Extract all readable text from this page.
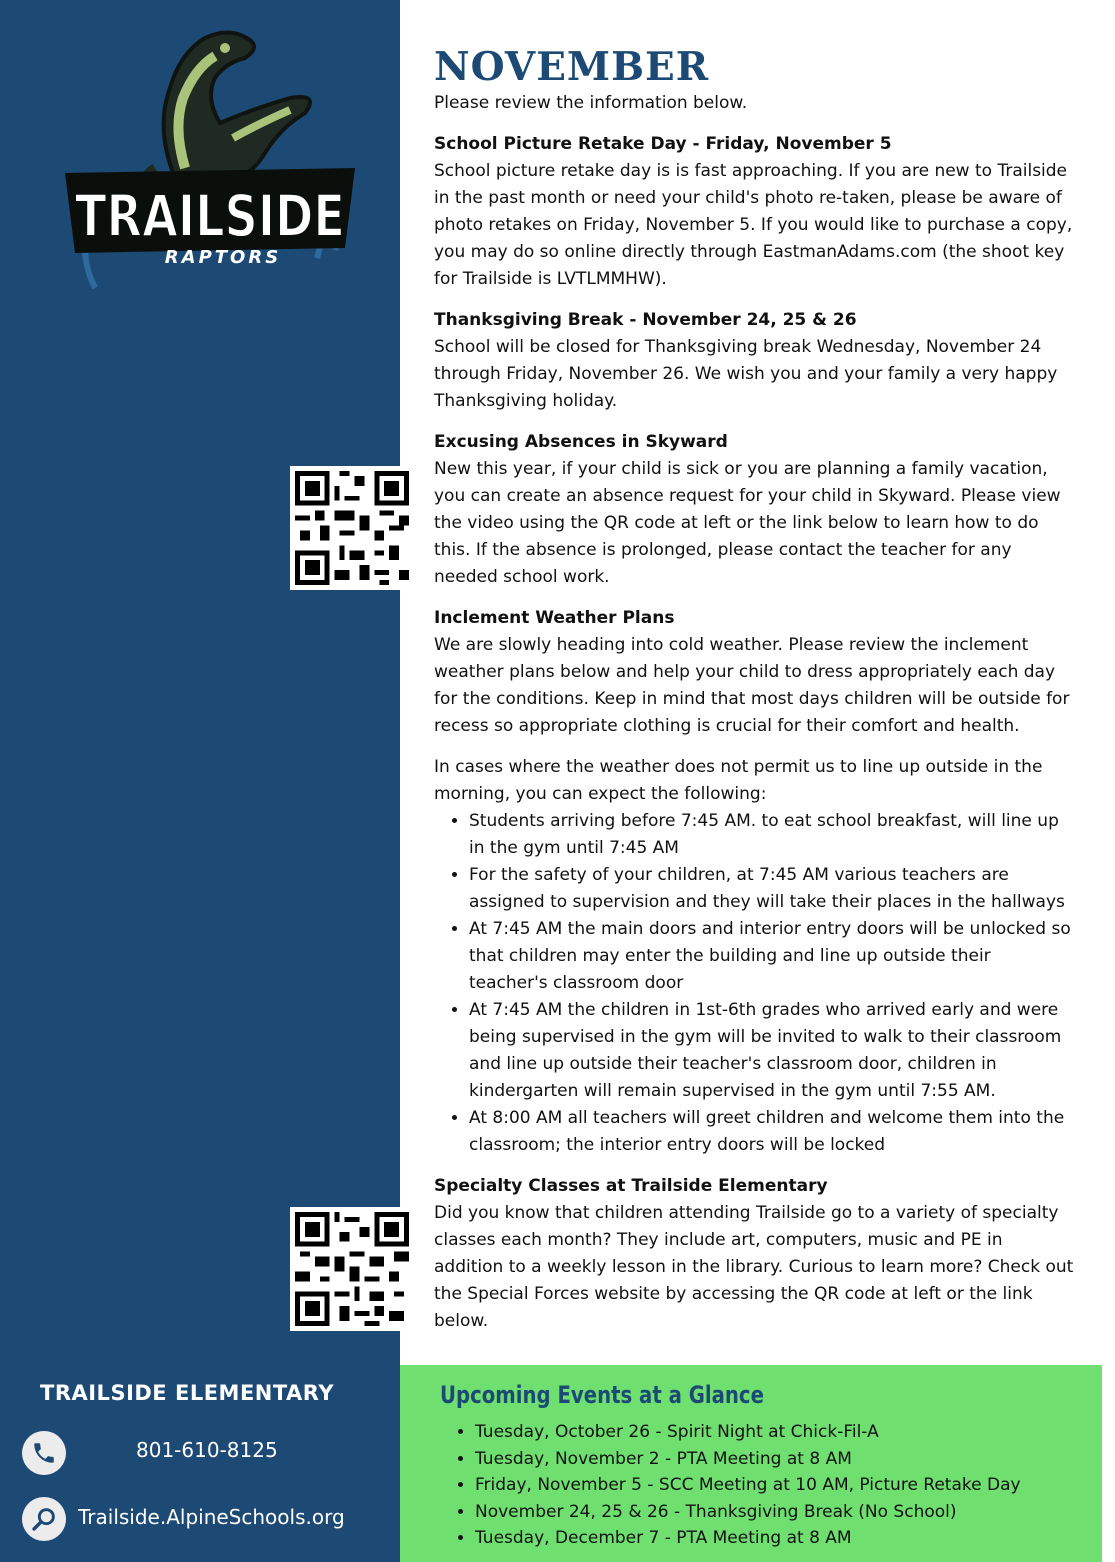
TRAILSIDE
RAPTORS
NOVEMBER

Please review the information below.

School Picture Retake Day - Friday, November 5

School picture retake day is is fast approaching. If you are new to Trailside in the past month or need your child's photo re-taken, please be aware of photo retakes on Friday, November 5. If you would like to purchase a copy, you may do so online directly through EastmanAdams.com (the shoot key for Trailside is LVTLMMHW).

Thanksgiving Break - November 24, 25 & 26

School will be closed for Thanksgiving break Wednesday, November 24 through Friday, November 26. We wish you and your family a very happy Thanksgiving holiday.

Excusing Absences in Skyward

New this year, if your child is sick or you are planning a family vacation, you can create an absence request for your child in Skyward. Please view the video using the QR code at left or the link below to learn how to do this. If the absence is prolonged, please contact the teacher for any needed school work.

Inclement Weather Plans

We are slowly heading into cold weather. Please review the inclement weather plans below and help your child to dress appropriately each day for the conditions. Keep in mind that most days children will be outside for recess so appropriate clothing is crucial for their comfort and health.

In cases where the weather does not permit us to line up outside in the morning, you can expect the following:

• Students arriving before 7:45 AM. to eat school breakfast, will line up in the gym until 7:45 AM
• For the safety of your children, at 7:45 AM various teachers are assigned to supervision and they will take their places in the hallways
• At 7:45 AM the main doors and interior entry doors will be unlocked so that children may enter the building and line up outside their teacher's classroom door
• At 7:45 AM the children in 1st-6th grades who arrived early and were being supervised in the gym will be invited to walk to their classroom and line up outside their teacher's classroom door, children in kindergarten will remain supervised in the gym until 7:55 AM.
• At 8:00 AM all teachers will greet children and welcome them into the classroom; the interior entry doors will be locked
Specialty Classes at Trailside Elementary

Did you know that children attending Trailside go to a variety of specialty classes each month? They include art, computers, music and PE in addition to a weekly lesson in the library. Curious to learn more? Check out the Special Forces website by accessing the QR code at left or the link below.

TRAILSIDE ELEMENTARY
801-610-8125
Trailside.AlpineSchools.org
Upcoming Events at a Glance
• Tuesday, October 26 - Spirit Night at Chick-Fil-A
• Tuesday, November 2 - PTA Meeting at 8 AM
• Friday, November 5 - SCC Meeting at 10 AM, Picture Retake Day
• November 24, 25 & 26 - Thanksgiving Break (No School)
• Tuesday, December 7 - PTA Meeting at 8 AM
